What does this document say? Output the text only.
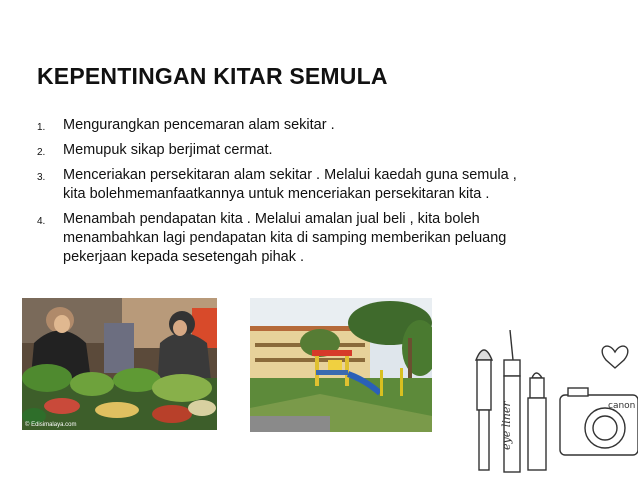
KEPENTINGAN KITAR SEMULA
1. Mengurangkan pencemaran alam sekitar .
2. Memupuk sikap berjimat cermat.
3. Menceriakan persekitaran alam sekitar . Melalui kaedah guna semula , kita bolehmemanfaatkannya untuk menceriakan persekitaran kita .
4. Menambah pendapatan kita . Melalui amalan jual beli , kita boleh menambahkan lagi pendapatan kita di samping memberikan peluang pekerjaan kepada sesetengah pihak .
© Edisimalaya.com	eye liner	canon
